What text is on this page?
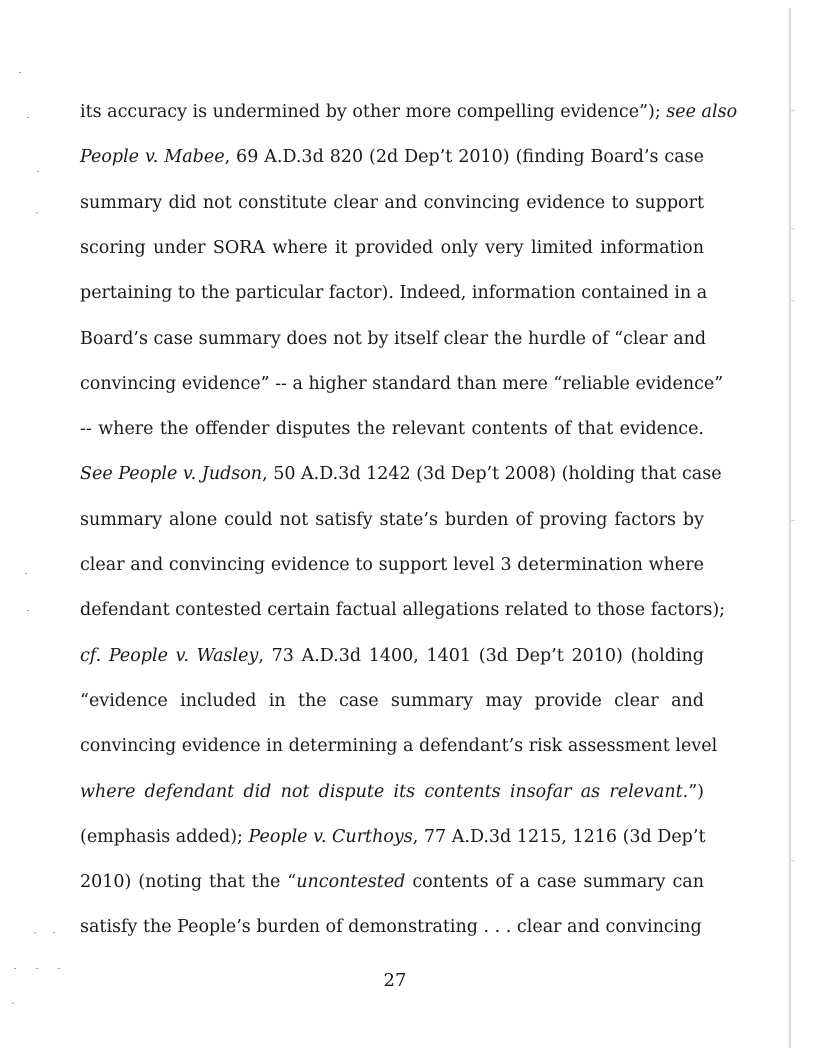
its accuracy is undermined by other more compelling evidence”); see also

People v. Mabee, 69 A.D.3d 820 (2d Dep’t 2010) (finding Board’s case

summary did not constitute clear and convincing evidence to support

scoring under SORA where it provided only very limited information

pertaining to the particular factor). Indeed, information contained in a

Board’s case summary does not by itself clear the hurdle of “clear and

convincing evidence” -- a higher standard than mere “reliable evidence”

-- where the offender disputes the relevant contents of that evidence.

See People v. Judson, 50 A.D.3d 1242 (3d Dep’t 2008) (holding that case

summary alone could not satisfy state’s burden of proving factors by

clear and convincing evidence to support level 3 determination where

defendant contested certain factual allegations related to those factors);

cf. People v. Wasley, 73 A.D.3d 1400, 1401 (3d Dep’t 2010) (holding

“evidence included in the case summary may provide clear and

convincing evidence in determining a defendant’s risk assessment level

where defendant did not dispute its contents insofar as relevant.”)

(emphasis added); People v. Curthoys, 77 A.D.3d 1215, 1216 (3d Dep’t

2010) (noting that the “uncontested contents of a case summary can

satisfy the People’s burden of demonstrating . . . clear and convincing

27
